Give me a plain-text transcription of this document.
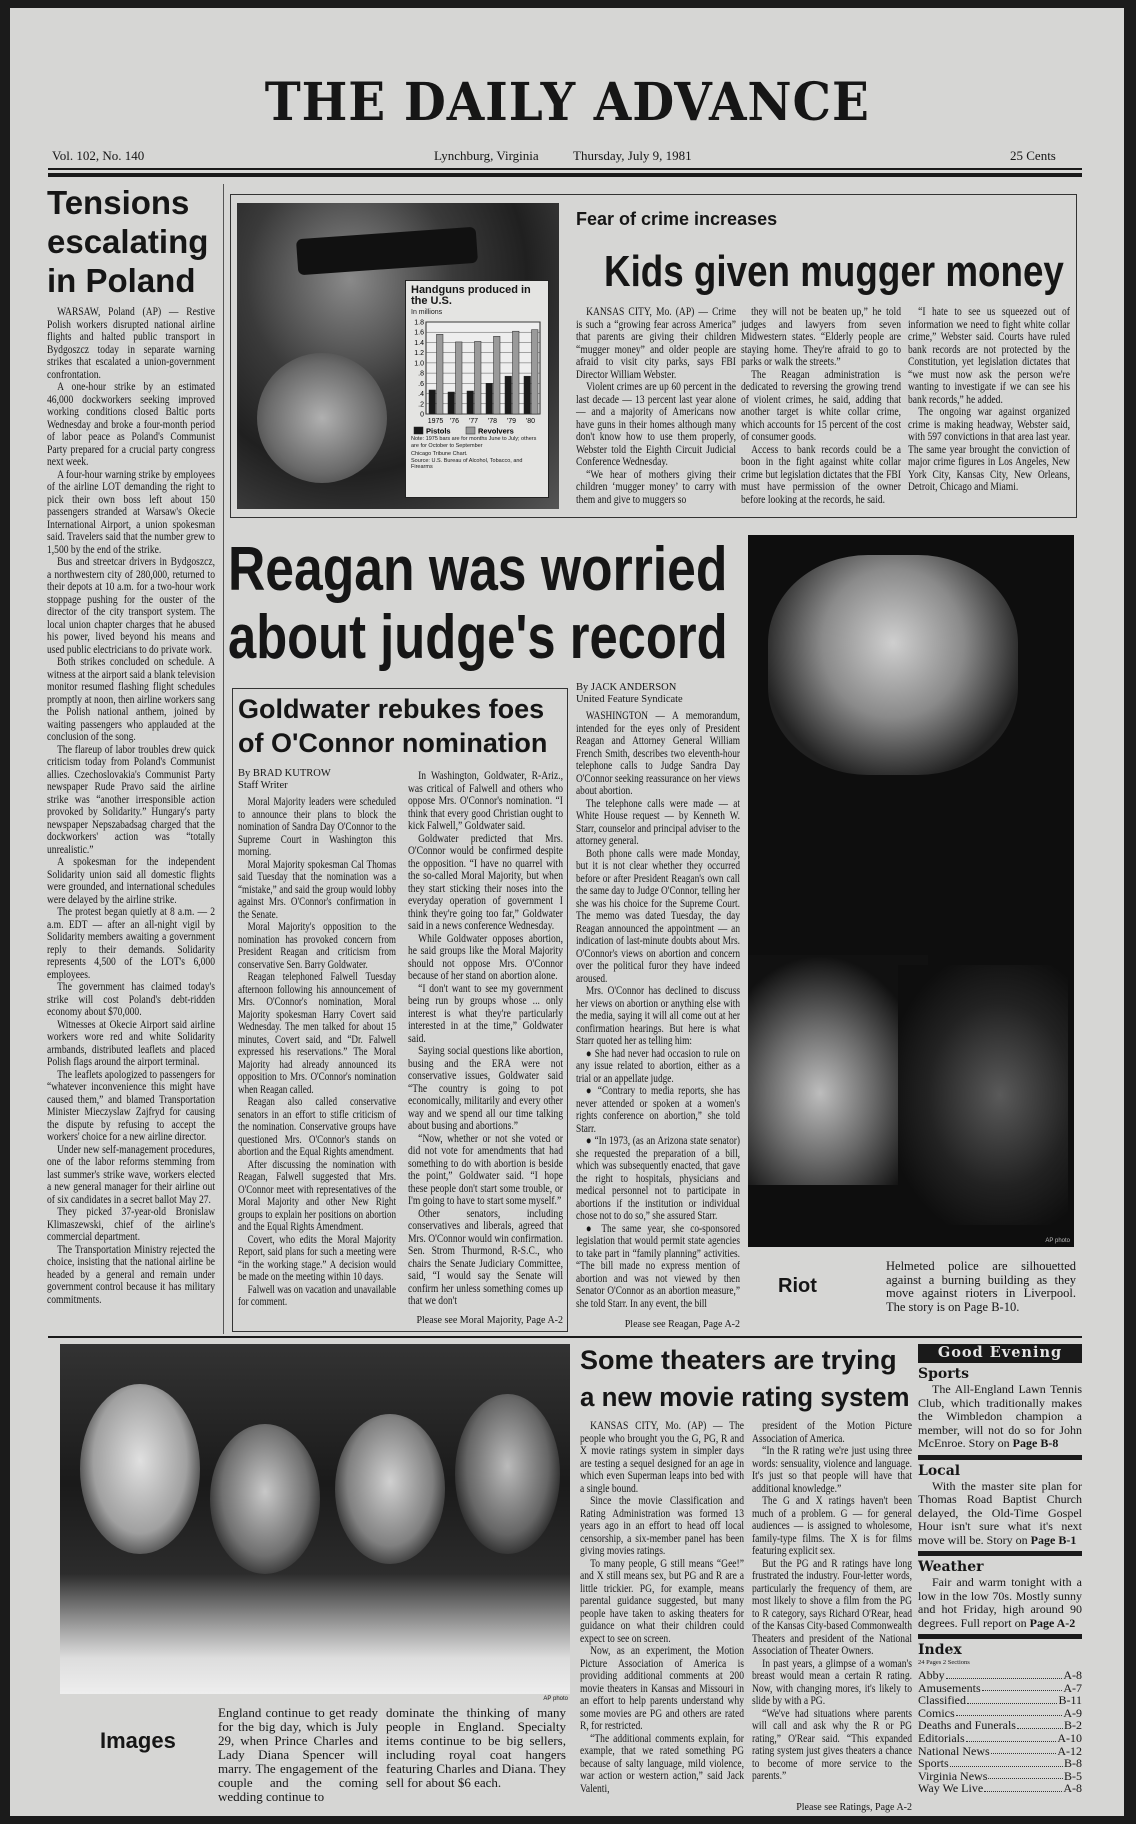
THE DAILY ADVANCE
Vol. 102, No. 140	Lynchburg, Virginia	Thursday, July 9, 1981	25 Cents
Tensions
escalating
in Poland

WARSAW, Poland (AP) — Restive Polish workers disrupted national airline flights and halted public transport in Bydgoszcz today in separate warning strikes that escalated a union-government confrontation.

A one-hour strike by an estimated 46,000 dockworkers seeking improved working conditions closed Baltic ports Wednesday and broke a four-month period of labor peace as Poland's Communist Party prepared for a crucial party congress next week.

A four-hour warning strike by employees of the airline LOT demanding the right to pick their own boss left about 150 passengers stranded at Warsaw's Okecie International Airport, a union spokesman said. Travelers said that the number grew to 1,500 by the end of the strike.

Bus and streetcar drivers in Bydgoszcz, a northwestern city of 280,000, returned to their depots at 10 a.m. for a two-hour work stoppage pushing for the ouster of the director of the city transport system. The local union chapter charges that he abused his power, lived beyond his means and used public electricians to do private work.

Both strikes concluded on schedule. A witness at the airport said a blank television monitor resumed flashing flight schedules promptly at noon, then airline workers sang the Polish national anthem, joined by waiting passengers who applauded at the conclusion of the song.

The flareup of labor troubles drew quick criticism today from Poland's Communist allies. Czechoslovakia's Communist Party newspaper Rude Pravo said the airline strike was “another irresponsible action provoked by Solidarity.” Hungary's party newspaper Nepszabadsag charged that the dockworkers' action was “totally unrealistic.”

A spokesman for the independent Solidarity union said all domestic flights were grounded, and international schedules were delayed by the airline strike.

The protest began quietly at 8 a.m. — 2 a.m. EDT — after an all-night vigil by Solidarity members awaiting a government reply to their demands. Solidarity represents 4,500 of the LOT's 6,000 employees.

The government has claimed today's strike will cost Poland's debt-ridden economy about $70,000.

Witnesses at Okecie Airport said airline workers wore red and white Solidarity armbands, distributed leaflets and placed Polish flags around the airport terminal.

The leaflets apologized to passengers for “whatever inconvenience this might have caused them,” and blamed Transportation Minister Mieczyslaw Zajfryd for causing the dispute by refusing to accept the workers' choice for a new airline director.

Under new self-management procedures, one of the labor reforms stemming from last summer's strike wave, workers elected a new general manager for their airline out of six candidates in a secret ballot May 27.

They picked 37-year-old Bronislaw Klimaszewski, chief of the airline's commercial department.

The Transportation Ministry rejected the choice, insisting that the national airline be headed by a general and remain under government control because it has military commitments.

Handguns produced in the U.S.
In millions
0
.2
.4
.6
.8
1.0
1.2
1.4
1.6
1.8
1975 '76 '77 '78 '79 '80
Pistols	Revolvers
Note: 1975 bars are for months June to July; others are for October to September
Chicago Tribune Chart.
Source: U.S. Bureau of Alcohol, Tobacco, and Firearms
Fear of crime increases
Kids given mugger money

KANSAS CITY, Mo. (AP) — Crime is such a “growing fear across America” that parents are giving their children “mugger money” and older people are afraid to visit city parks, says FBI Director William Webster.

Violent crimes are up 60 percent in the last decade — 13 percent last year alone — and a majority of Americans now have guns in their homes although many don't know how to use them properly, Webster told the Eighth Circuit Judicial Conference Wednesday.

“We hear of mothers giving their children ‘mugger money’ to carry with them and give to muggers so

they will not be beaten up,” he told judges and lawyers from seven Midwestern states. “Elderly people are staying home. They're afraid to go to parks or walk the streets.”

The Reagan administration is dedicated to reversing the growing trend of violent crimes, he said, adding that another target is white collar crime, which accounts for 15 percent of the cost of consumer goods.

Access to bank records could be a boon in the fight against white collar crime but legislation dictates that the FBI must have permission of the owner before looking at the records, he said.

“I hate to see us squeezed out of information we need to fight white collar crime,” Webster said. Courts have ruled bank records are not protected by the Constitution, yet legislation dictates that “we must now ask the person we're wanting to investigate if we can see his bank records,” he added.

The ongoing war against organized crime is making headway, Webster said, with 597 convictions in that area last year. The same year brought the conviction of major crime figures in Los Angeles, New York City, Kansas City, New Orleans, Detroit, Chicago and Miami.

Reagan was worried
about judge's record
Goldwater rebukes foes
of O'Connor nomination
By BRAD KUTROW
Staff Writer

Moral Majority leaders were scheduled to announce their plans to block the nomination of Sandra Day O'Connor to the Supreme Court in Washington this morning.

Moral Majority spokesman Cal Thomas said Tuesday that the nomination was a “mistake,” and said the group would lobby against Mrs. O'Connor's confirmation in the Senate.

Moral Majority's opposition to the nomination has provoked concern from President Reagan and criticism from conservative Sen. Barry Goldwater.

Reagan telephoned Falwell Tuesday afternoon following his announcement of Mrs. O'Connor's nomination, Moral Majority spokesman Harry Covert said Wednesday. The men talked for about 15 minutes, Covert said, and “Dr. Falwell expressed his reservations.” The Moral Majority had already announced its opposition to Mrs. O'Connor's nomination when Reagan called.

Reagan also called conservative senators in an effort to stifle criticism of the nomination. Conservative groups have questioned Mrs. O'Connor's stands on abortion and the Equal Rights amendment.

After discussing the nomination with Reagan, Falwell suggested that Mrs. O'Connor meet with representatives of the Moral Majority and other New Right groups to explain her positions on abortion and the Equal Rights Amendment.

Covert, who edits the Moral Majority Report, said plans for such a meeting were “in the working stage.” A decision would be made on the meeting within 10 days.

Falwell was on vacation and unavailable for comment.

In Washington, Goldwater, R-Ariz., was critical of Falwell and others who oppose Mrs. O'Connor's nomination. “I think that every good Christian ought to kick Falwell,” Goldwater said.

Goldwater predicted that Mrs. O'Connor would be confirmed despite the opposition. “I have no quarrel with the so-called Moral Majority, but when they start sticking their noses into the everyday operation of government I think they're going too far,” Goldwater said in a news conference Wednesday.

While Goldwater opposes abortion, he said groups like the Moral Majority should not oppose Mrs. O'Connor because of her stand on abortion alone.

“I don't want to see my government being run by groups whose ... only interest is what they're particularly interested in at the time,” Goldwater said.

Saying social questions like abortion, busing and the ERA were not conservative issues, Goldwater said “The country is going to pot economically, militarily and every other way and we spend all our time talking about busing and abortions.”

“Now, whether or not she voted or did not vote for amendments that had something to do with abortion is beside the point,” Goldwater said. “I hope these people don't start some trouble, or I'm going to have to start some myself.”

Other senators, including conservatives and liberals, agreed that Mrs. O'Connor would win confirmation. Sen. Strom Thurmond, R-S.C., who chairs the Senate Judiciary Committee, said, “I would say the Senate will confirm her unless something comes up that we don't

Please see Moral Majority, Page A-2
By JACK ANDERSON
United Feature Syndicate

WASHINGTON — A memorandum, intended for the eyes only of President Reagan and Attorney General William French Smith, describes two eleventh-hour telephone calls to Judge Sandra Day O'Connor seeking reassurance on her views about abortion.

The telephone calls were made — at White House request — by Kenneth W. Starr, counselor and principal adviser to the attorney general.

Both phone calls were made Monday, but it is not clear whether they occurred before or after President Reagan's own call the same day to Judge O'Connor, telling her she was his choice for the Supreme Court. The memo was dated Tuesday, the day Reagan announced the appointment — an indication of last-minute doubts about Mrs. O'Connor's views on abortion and concern over the political furor they have indeed aroused.

Mrs. O'Connor has declined to discuss her views on abortion or anything else with the media, saying it will all come out at her confirmation hearings. But here is what Starr quoted her as telling him:

● She had never had occasion to rule on any issue related to abortion, either as a trial or an appellate judge.

● “Contrary to media reports, she has never attended or spoken at a women's rights conference on abortion,” she told Starr.

● “In 1973, (as an Arizona state senator) she requested the preparation of a bill, which was subsequently enacted, that gave the right to hospitals, physicians and medical personnel not to participate in abortions if the institution or individual chose not to do so,” she assured Starr.

● The same year, she co-sponsored legislation that would permit state agencies to take part in “family planning” activities. “The bill made no express mention of abortion and was not viewed by then Senator O'Connor as an abortion measure,” she told Starr. In any event, the bill

Please see Reagan, Page A-2
AP photo
Riot
Helmeted police are silhouetted against a burning building as they move against rioters in Liverpool. The story is on Page B-10.
AP photo
Images
England continue to get ready for the big day, which is July 29, when Prince Charles and Lady Diana Spencer will marry. The engagement of the couple and the coming wedding continue to
dominate the thinking of many people in England. Specialty items continue to be big sellers, including royal coat hangers featuring Charles and Diana. They sell for about $6 each.
Some theaters are trying
a new movie rating system

KANSAS CITY, Mo. (AP) — The people who brought you the G, PG, R and X movie ratings system in simpler days are testing a sequel designed for an age in which even Superman leaps into bed with a single bound.

Since the movie Classification and Rating Administration was formed 13 years ago in an effort to head off local censorship, a six-member panel has been giving movies ratings.

To many people, G still means “Gee!” and X still means sex, but PG and R are a little trickier. PG, for example, means parental guidance suggested, but many people have taken to asking theaters for guidance on what their children could expect to see on screen.

Now, as an experiment, the Motion Picture Association of America is providing additional comments at 200 movie theaters in Kansas and Missouri in an effort to help parents understand why some movies are PG and others are rated R, for restricted.

“The additional comments explain, for example, that we rated something PG because of salty language, mild violence, war action or western action,” said Jack Valenti,

president of the Motion Picture Association of America.

“In the R rating we're just using three words: sensuality, violence and language. It's just so that people will have that additional knowledge.”

The G and X ratings haven't been much of a problem. G — for general audiences — is assigned to wholesome, family-type films. The X is for films featuring explicit sex.

But the PG and R ratings have long frustrated the industry. Four-letter words, particularly the frequency of them, are most likely to shove a film from the PG to R category, says Richard O'Rear, head of the Kansas City-based Commonwealth Theaters and president of the National Association of Theater Owners.

In past years, a glimpse of a woman's breast would mean a certain R rating. Now, with changing mores, it's likely to slide by with a PG.

“We've had situations where parents will call and ask why the R or PG rating,” O'Rear said. “This expanded rating system just gives theaters a chance to become of more service to the parents.”

Please see Ratings, Page A-2
Good Evening
Sports

The All-England Lawn Tennis Club, which traditionally makes the Wimbledon champion a member, will not do so for John McEnroe. Story on Page B-8

Local

With the master site plan for Thomas Road Baptist Church delayed, the Old-Time Gospel Hour isn't sure what it's next move will be. Story on Page B-1

Weather

Fair and warm tonight with a low in the low 70s. Mostly sunny and hot Friday, high around 90 degrees. Full report on Page A-2

Index
24 Pages 2 Sections
Abby	A-8
Amusements	A-7
Classified	B-11
Comics	A-9
Deaths and Funerals	B-2
Editorials	A-10
National News	A-12
Sports	B-8
Virginia News	B-5
Way We Live	A-8
